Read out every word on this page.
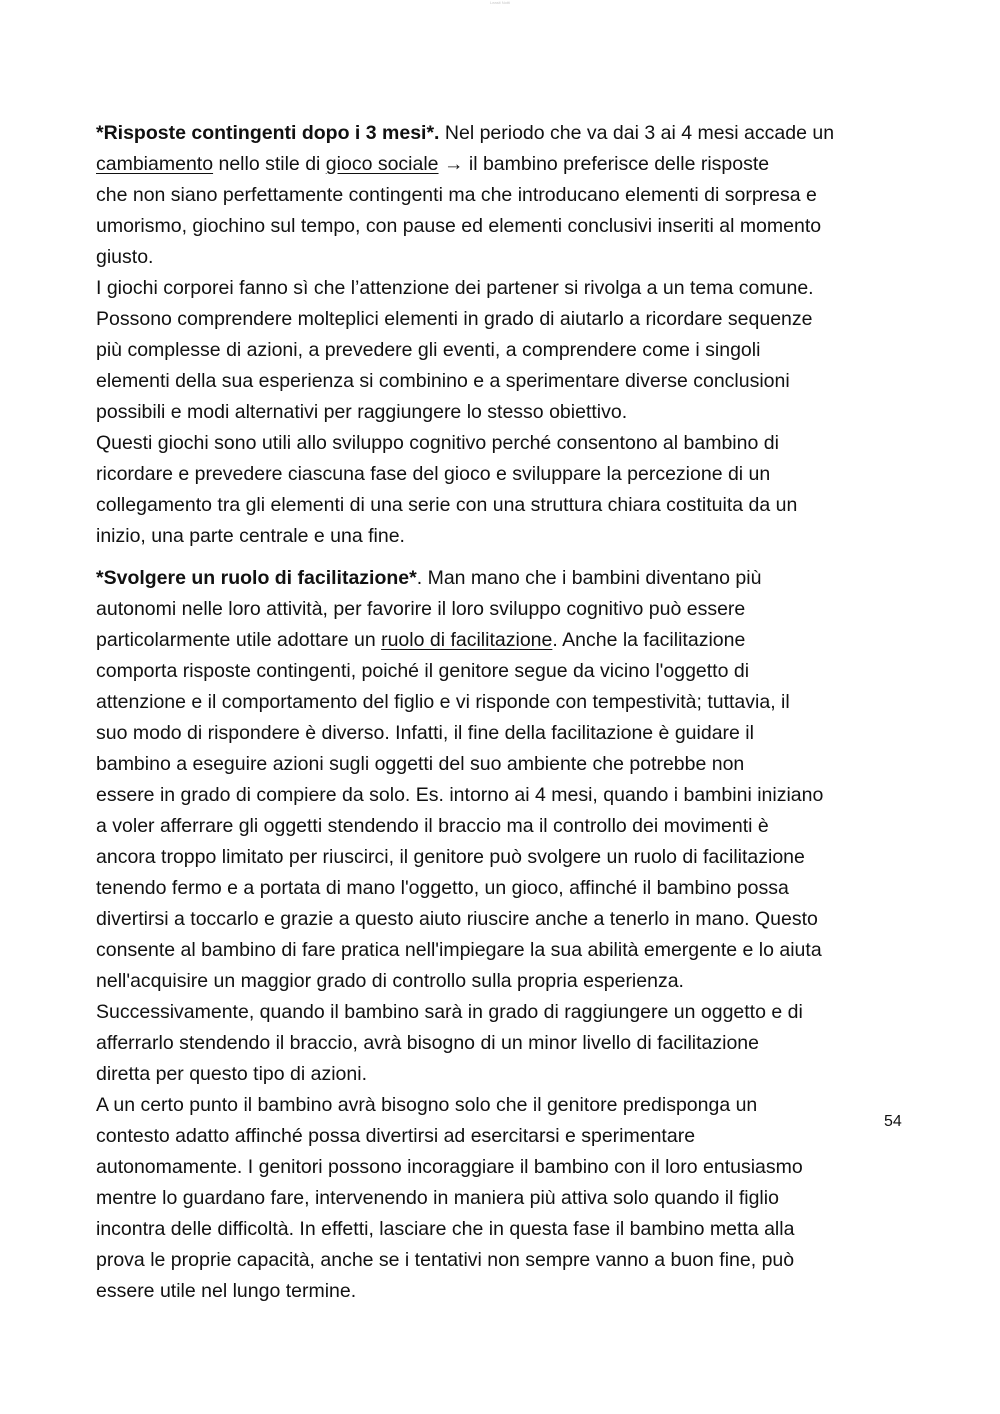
Leasit Notti
*Risposte contingenti dopo i 3 mesi*. Nel periodo che va dai 3 ai 4 mesi accade un
cambiamento nello stile di gioco sociale → il bambino preferisce delle risposte
che non siano perfettamente contingenti ma che introducano elementi di sorpresa e
umorismo, giochino sul tempo, con pause ed elementi conclusivi inseriti al momento
giusto.
I giochi corporei fanno sì che l’attenzione dei partener si rivolga a un tema comune.
Possono comprendere molteplici elementi in grado di aiutarlo a ricordare sequenze
più complesse di azioni, a prevedere gli eventi, a comprendere come i singoli
elementi della sua esperienza si combinino e a sperimentare diverse conclusioni
possibili e modi alternativi per raggiungere lo stesso obiettivo.
Questi giochi sono utili allo sviluppo cognitivo perché consentono al bambino di
ricordare e prevedere ciascuna fase del gioco e sviluppare la percezione di un
collegamento tra gli elementi di una serie con una struttura chiara costituita da un
inizio, una parte centrale e una fine.
*Svolgere un ruolo di facilitazione*. Man mano che i bambini diventano più
autonomi nelle loro attività, per favorire il loro sviluppo cognitivo può essere
particolarmente utile adottare un ruolo di facilitazione. Anche la facilitazione
comporta risposte contingenti, poiché il genitore segue da vicino l'oggetto di
attenzione e il comportamento del figlio e vi risponde con tempestività; tuttavia, il
suo modo di rispondere è diverso. Infatti, il fine della facilitazione è guidare il
bambino a eseguire azioni sugli oggetti del suo ambiente che potrebbe non
essere in grado di compiere da solo. Es. intorno ai 4 mesi, quando i bambini iniziano
a voler afferrare gli oggetti stendendo il braccio ma il controllo dei movimenti è
ancora troppo limitato per riuscirci, il genitore può svolgere un ruolo di facilitazione
tenendo fermo e a portata di mano l'oggetto, un gioco, affinché il bambino possa
divertirsi a toccarlo e grazie a questo aiuto riuscire anche a tenerlo in mano. Questo
consente al bambino di fare pratica nell'impiegare la sua abilità emergente e lo aiuta
nell'acquisire un maggior grado di controllo sulla propria esperienza.
Successivamente, quando il bambino sarà in grado di raggiungere un oggetto e di
afferrarlo stendendo il braccio, avrà bisogno di un minor livello di facilitazione
diretta per questo tipo di azioni.
A un certo punto il bambino avrà bisogno solo che il genitore predisponga un
contesto adatto affinché possa divertirsi ad esercitarsi e sperimentare
autonomamente. I genitori possono incoraggiare il bambino con il loro entusiasmo
mentre lo guardano fare, intervenendo in maniera più attiva solo quando il figlio
incontra delle difficoltà. In effetti, lasciare che in questa fase il bambino metta alla
prova le proprie capacità, anche se i tentativi non sempre vanno a buon fine, può
essere utile nel lungo termine.
54
